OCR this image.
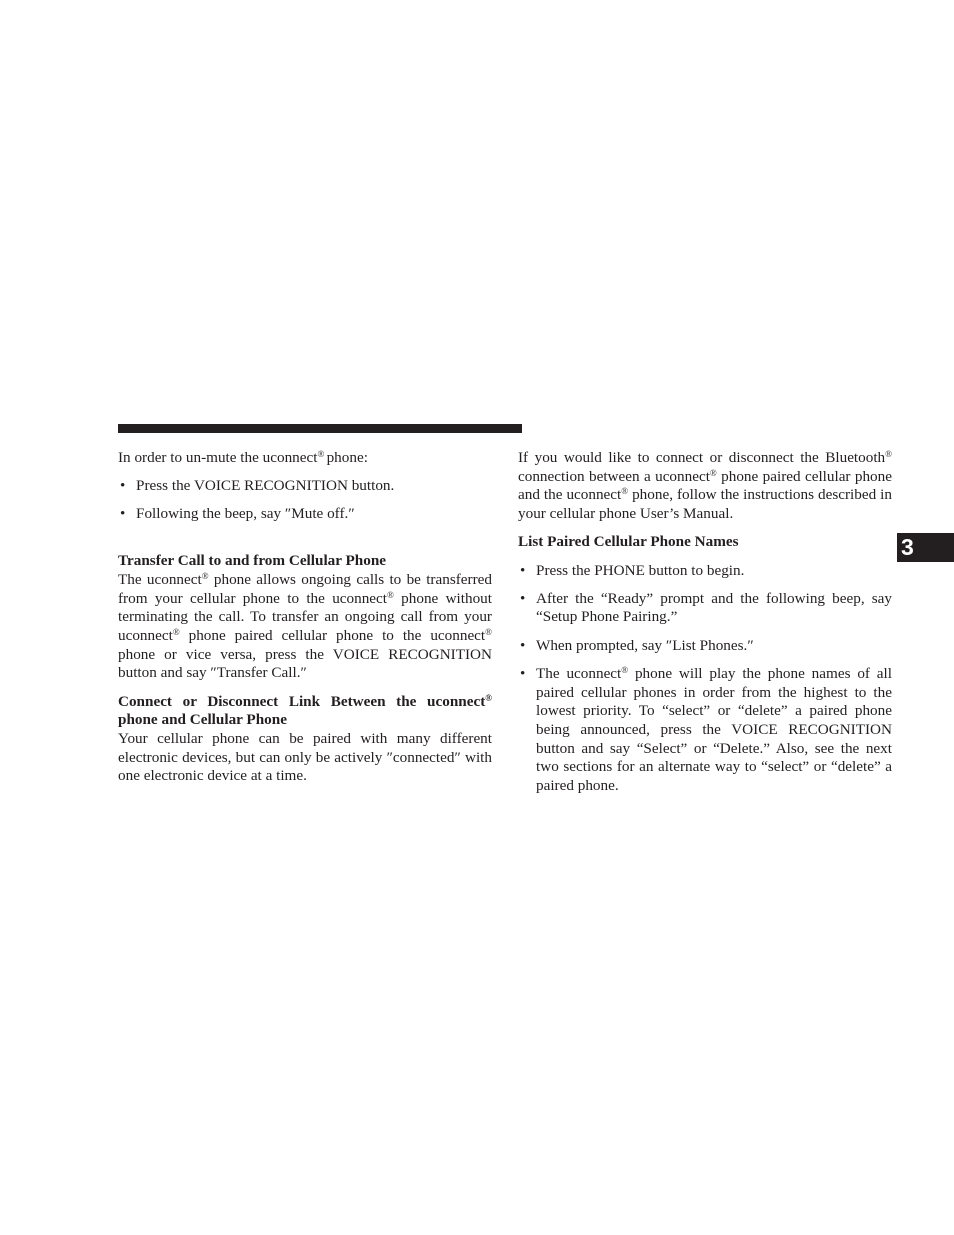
In order to un-mute the uconnect® phone:

• Press the VOICE RECOGNITION button.
• Following the beep, say ″Mute off.″

Transfer Call to and from Cellular Phone

The uconnect® phone allows ongoing calls to be transferred from your cellular phone to the uconnect® phone without terminating the call. To transfer an ongoing call from your uconnect® phone paired cellular phone to the uconnect® phone or vice versa, press the VOICE RECOGNITION button and say ″Transfer Call.″

Connect or Disconnect Link Between the uconnect® phone and Cellular Phone

Your cellular phone can be paired with many different electronic devices, but can only be actively ″connected″ with one electronic device at a time.

If you would like to connect or disconnect the Bluetooth® connection between a uconnect® phone paired cellular phone and the uconnect® phone, follow the instructions described in your cellular phone User’s Manual.

List Paired Cellular Phone Names

• Press the PHONE button to begin.
• After the “Ready” prompt and the following beep, say “Setup Phone Pairing.”
• When prompted, say ″List Phones.″
• The uconnect® phone will play the phone names of all paired cellular phones in order from the highest to the lowest priority. To “select” or “delete” a paired phone being announced, press the VOICE RECOGNITION button and say “Select” or “Delete.” Also, see the next two sections for an alternate way to “select” or “delete” a paired phone.
3
